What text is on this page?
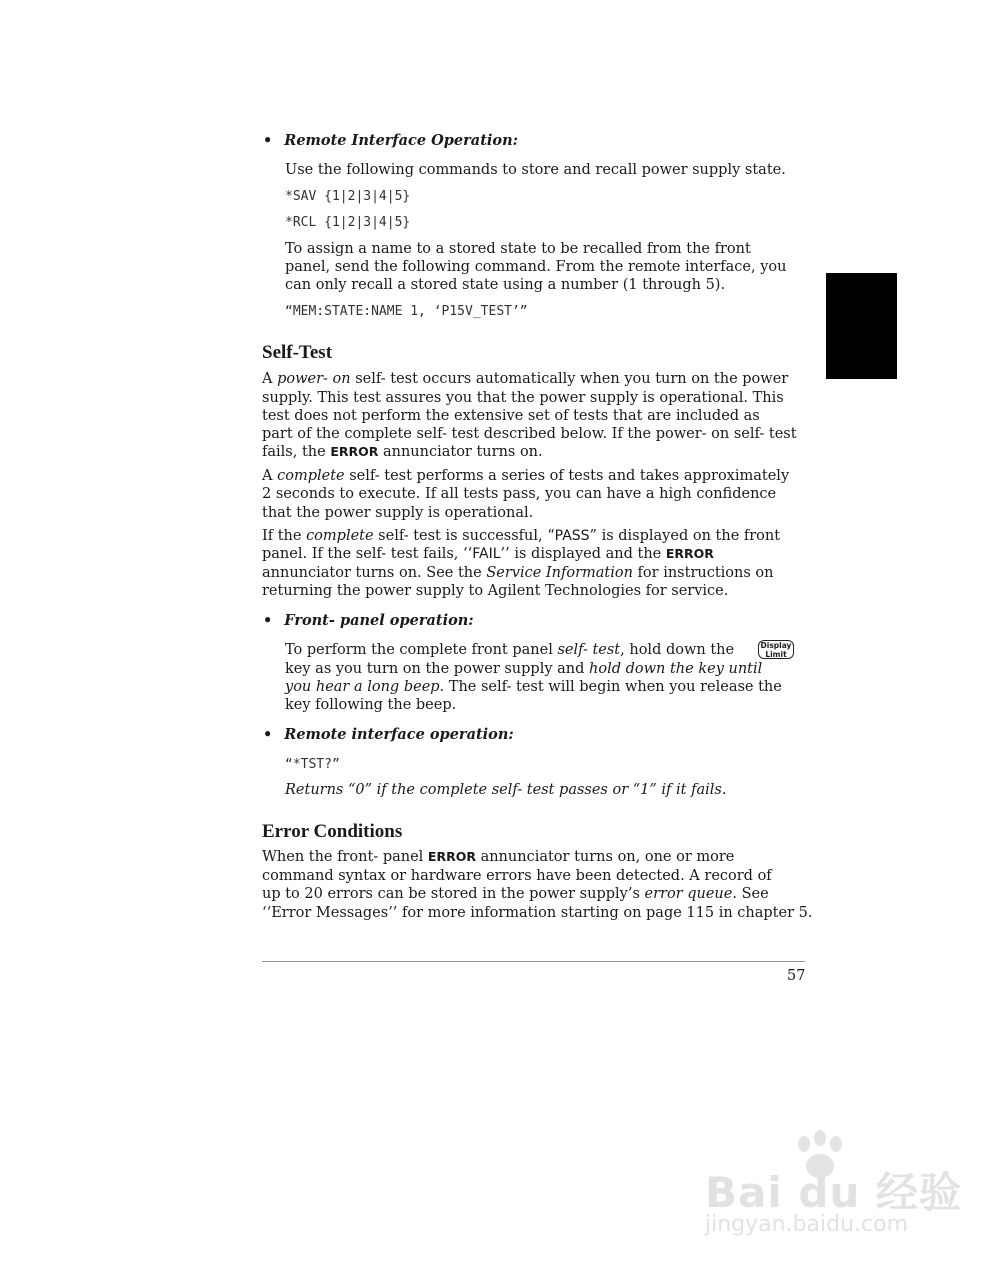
• Remote Interface Operation:

Use the following commands to store and recall power supply state.

*SAV {1|2|3|4|5}

*RCL {1|2|3|4|5}

To assign a name to a stored state to be recalled from the front

panel, send the following command. From the remote interface, you

can only recall a stored state using a number (1 through 5).

“MEM:STATE:NAME 1, ‘P15V_TEST’”

Self-Test

A power- on self- test occurs automatically when you turn on the power

supply. This test assures you that the power supply is operational. This

test does not perform the extensive set of tests that are included as

part of the complete self- test described below. If the power- on self- test

fails, the ERROR annunciator turns on.

A complete self- test performs a series of tests and takes approximately

2 seconds to execute. If all tests pass, you can have a high confidence

that the power supply is operational.

If the complete self- test is successful, “PASS” is displayed on the front

panel. If the self- test fails, ‘‘FAIL’’ is displayed and the ERROR

annunciator turns on. See the Service Information for instructions on

returning the power supply to Agilent Technologies for service.

• Front- panel operation:

To perform the complete front panel self- test, hold down the	Display
Limit

key as you turn on the power supply and hold down the key until

you hear a long beep. The self- test will begin when you release the

key following the beep.

• Remote interface operation:

“*TST?”

Returns “0” if the complete self- test passes or “1” if it fails.

Error Conditions

When the front- panel ERROR annunciator turns on, one or more

command syntax or hardware errors have been detected. A record of

up to 20 errors can be stored in the power supply’s error queue. See

‘‘Error Messages’’ for more information starting on page 115 in chapter 5.

57

Bai du 经验
jingyan.baidu.com
